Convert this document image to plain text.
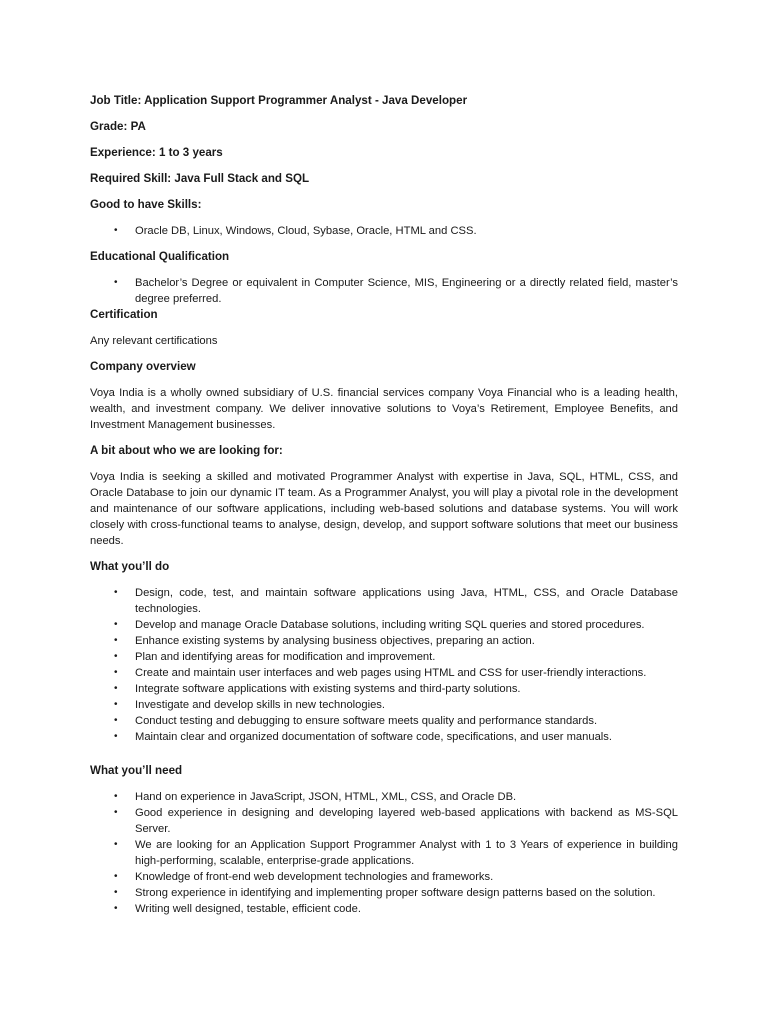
Job Title: Application Support Programmer Analyst - Java Developer

Grade: PA

Experience: 1 to 3 years

Required Skill: Java Full Stack and SQL

Good to have Skills:

• Oracle DB, Linux, Windows, Cloud, Sybase, Oracle, HTML and CSS.

Educational Qualification

• Bachelor’s Degree or equivalent in Computer Science, MIS, Engineering or a directly related field, master’s degree preferred.

Certification

Any relevant certifications

Company overview

Voya India is a wholly owned subsidiary of U.S. financial services company Voya Financial who is a leading health, wealth, and investment company. We deliver innovative solutions to Voya’s Retirement, Employee Benefits, and Investment Management businesses.

A bit about who we are looking for:

Voya India is seeking a skilled and motivated Programmer Analyst with expertise in Java, SQL, HTML, CSS, and Oracle Database to join our dynamic IT team. As a Programmer Analyst, you will play a pivotal role in the development and maintenance of our software applications, including web-based solutions and database systems. You will work closely with cross-functional teams to analyse, design, develop, and support software solutions that meet our business needs.

What you’ll do

• Design, code, test, and maintain software applications using Java, HTML, CSS, and Oracle Database technologies.
• Develop and manage Oracle Database solutions, including writing SQL queries and stored procedures.
• Enhance existing systems by analysing business objectives, preparing an action.
• Plan and identifying areas for modification and improvement.
• Create and maintain user interfaces and web pages using HTML and CSS for user-friendly interactions.
• Integrate software applications with existing systems and third-party solutions.
• Investigate and develop skills in new technologies.
• Conduct testing and debugging to ensure software meets quality and performance standards.
• Maintain clear and organized documentation of software code, specifications, and user manuals.

What you’ll need

• Hand on experience in JavaScript, JSON, HTML, XML, CSS, and Oracle DB.
• Good experience in designing and developing layered web-based applications with backend as MS-SQL Server.
• We are looking for an Application Support Programmer Analyst with 1 to 3 Years of experience in building high-performing, scalable, enterprise-grade applications.
• Knowledge of front-end web development technologies and frameworks.
• Strong experience in identifying and implementing proper software design patterns based on the solution.
• Writing well designed, testable, efficient code.
